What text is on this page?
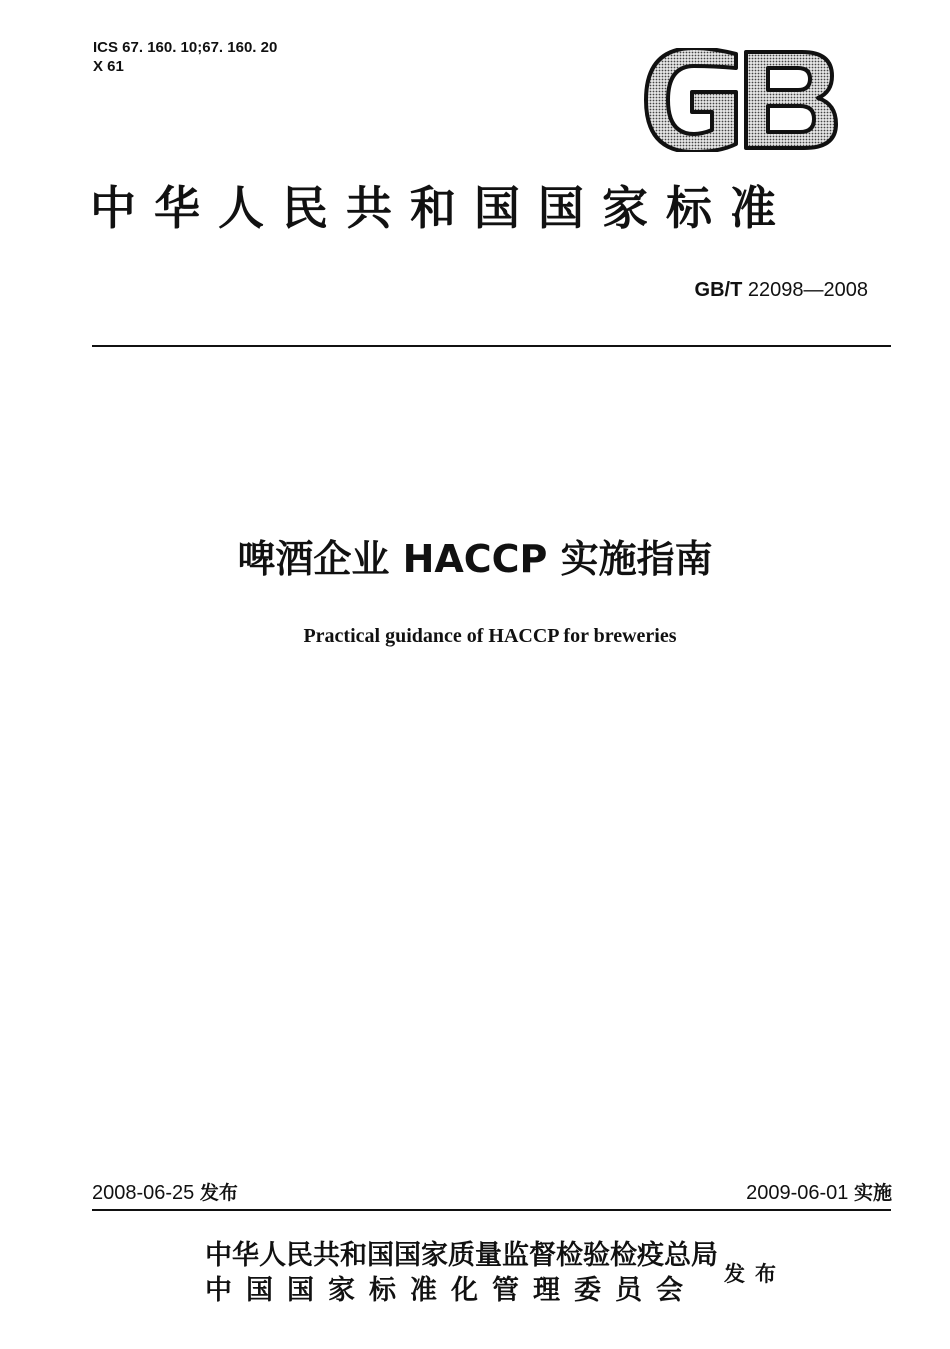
ICS 67. 160. 10;67. 160. 20
X 61
中华人民共和国国家标准
GB/T 22098—2008
啤酒企业 HACCP 实施指南
Practical guidance of HACCP for breweries
2008-06-25 发布	2009-06-01 实施
中华人民共和国国家质量监督检验检疫总局
中国国家标准化管理委员会
发布
